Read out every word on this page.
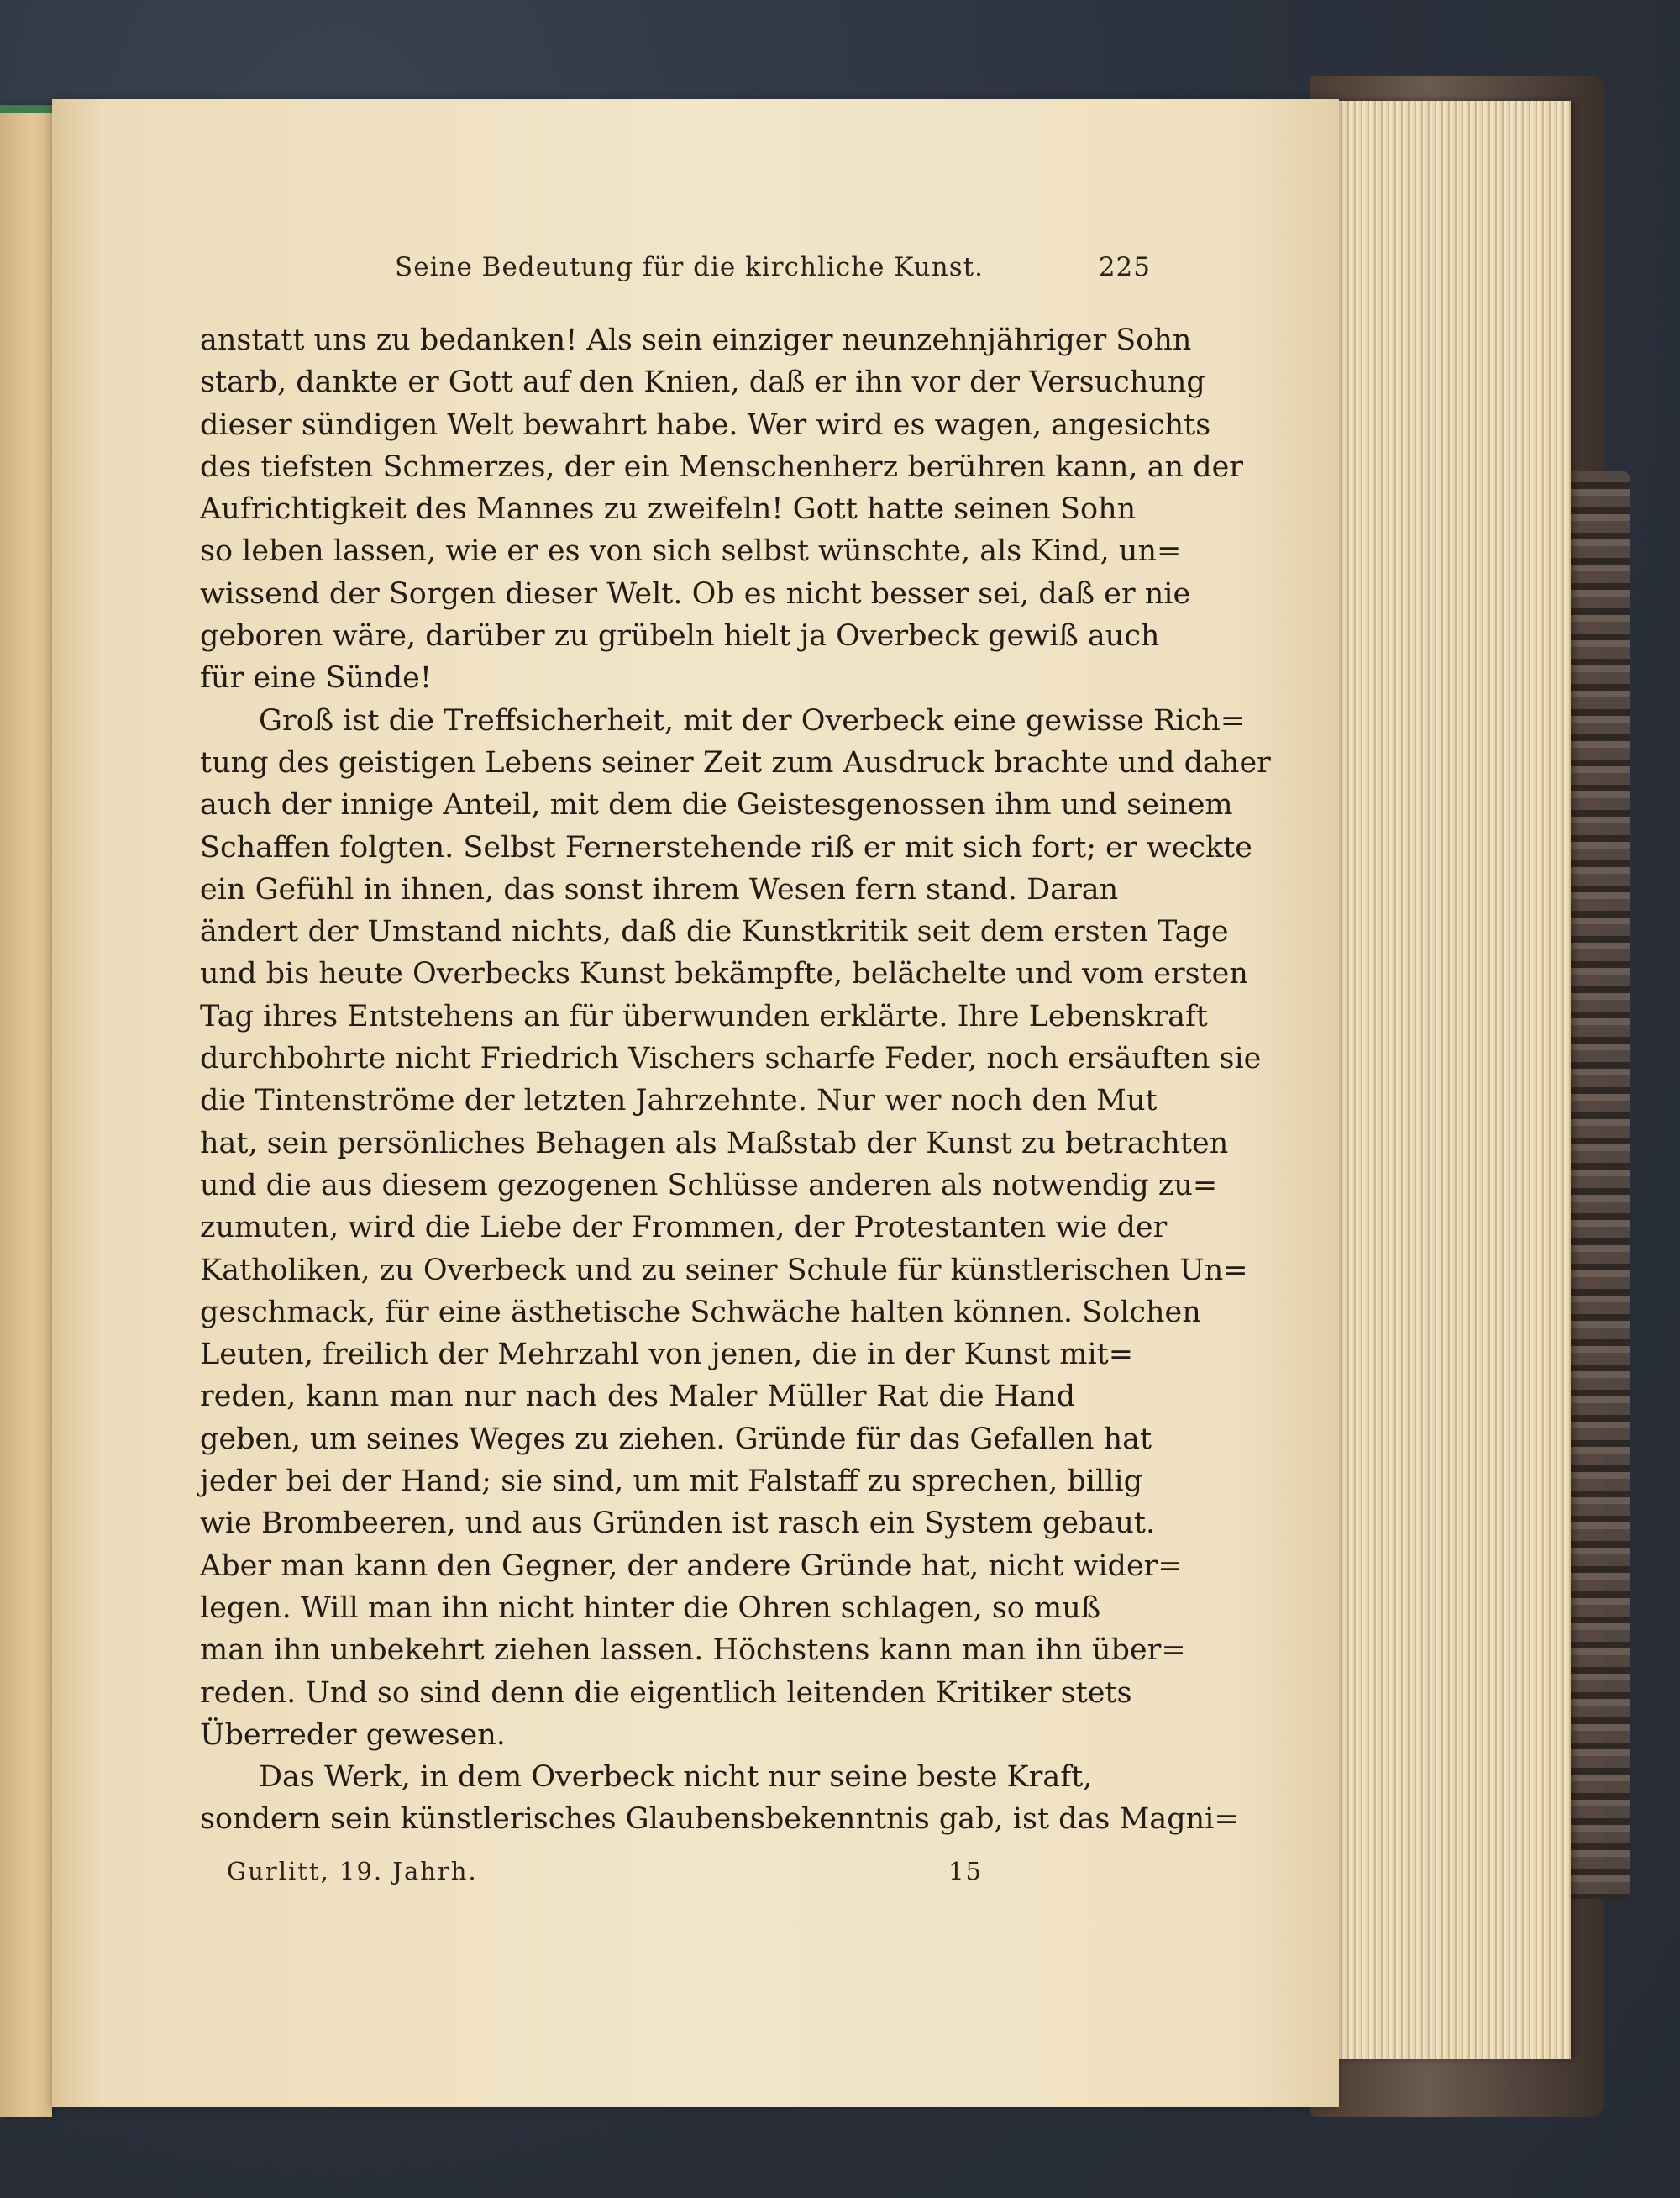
Seine Bedeutung für die kirchliche Kunst.	225
anstatt uns zu bedanken! Als sein einziger neunzehnjähriger Sohn
starb, dankte er Gott auf den Knien, daß er ihn vor der Versuchung
dieser sündigen Welt bewahrt habe. Wer wird es wagen, angesichts
des tiefsten Schmerzes, der ein Menschenherz berühren kann, an der
Aufrichtigkeit des Mannes zu zweifeln! Gott hatte seinen Sohn
so leben lassen, wie er es von sich selbst wünschte, als Kind, un=
wissend der Sorgen dieser Welt. Ob es nicht besser sei, daß er nie
geboren wäre, darüber zu grübeln hielt ja Overbeck gewiß auch
für eine Sünde!
Groß ist die Treffsicherheit, mit der Overbeck eine gewisse Rich=
tung des geistigen Lebens seiner Zeit zum Ausdruck brachte und daher
auch der innige Anteil, mit dem die Geistesgenossen ihm und seinem
Schaffen folgten. Selbst Fernerstehende riß er mit sich fort; er weckte
ein Gefühl in ihnen, das sonst ihrem Wesen fern stand. Daran
ändert der Umstand nichts, daß die Kunstkritik seit dem ersten Tage
und bis heute Overbecks Kunst bekämpfte, belächelte und vom ersten
Tag ihres Entstehens an für überwunden erklärte. Ihre Lebenskraft
durchbohrte nicht Friedrich Vischers scharfe Feder, noch ersäuften sie
die Tintenströme der letzten Jahrzehnte. Nur wer noch den Mut
hat, sein persönliches Behagen als Maßstab der Kunst zu betrachten
und die aus diesem gezogenen Schlüsse anderen als notwendig zu=
zumuten, wird die Liebe der Frommen, der Protestanten wie der
Katholiken, zu Overbeck und zu seiner Schule für künstlerischen Un=
geschmack, für eine ästhetische Schwäche halten können. Solchen
Leuten, freilich der Mehrzahl von jenen, die in der Kunst mit=
reden, kann man nur nach des Maler Müller Rat die Hand
geben, um seines Weges zu ziehen. Gründe für das Gefallen hat
jeder bei der Hand; sie sind, um mit Falstaff zu sprechen, billig
wie Brombeeren, und aus Gründen ist rasch ein System gebaut.
Aber man kann den Gegner, der andere Gründe hat, nicht wider=
legen. Will man ihn nicht hinter die Ohren schlagen, so muß
man ihn unbekehrt ziehen lassen. Höchstens kann man ihn über=
reden. Und so sind denn die eigentlich leitenden Kritiker stets
Überreder gewesen.
Das Werk, in dem Overbeck nicht nur seine beste Kraft,
sondern sein künstlerisches Glaubensbekenntnis gab, ist das Magni=
Gurlitt, 19. Jahrh.	15
